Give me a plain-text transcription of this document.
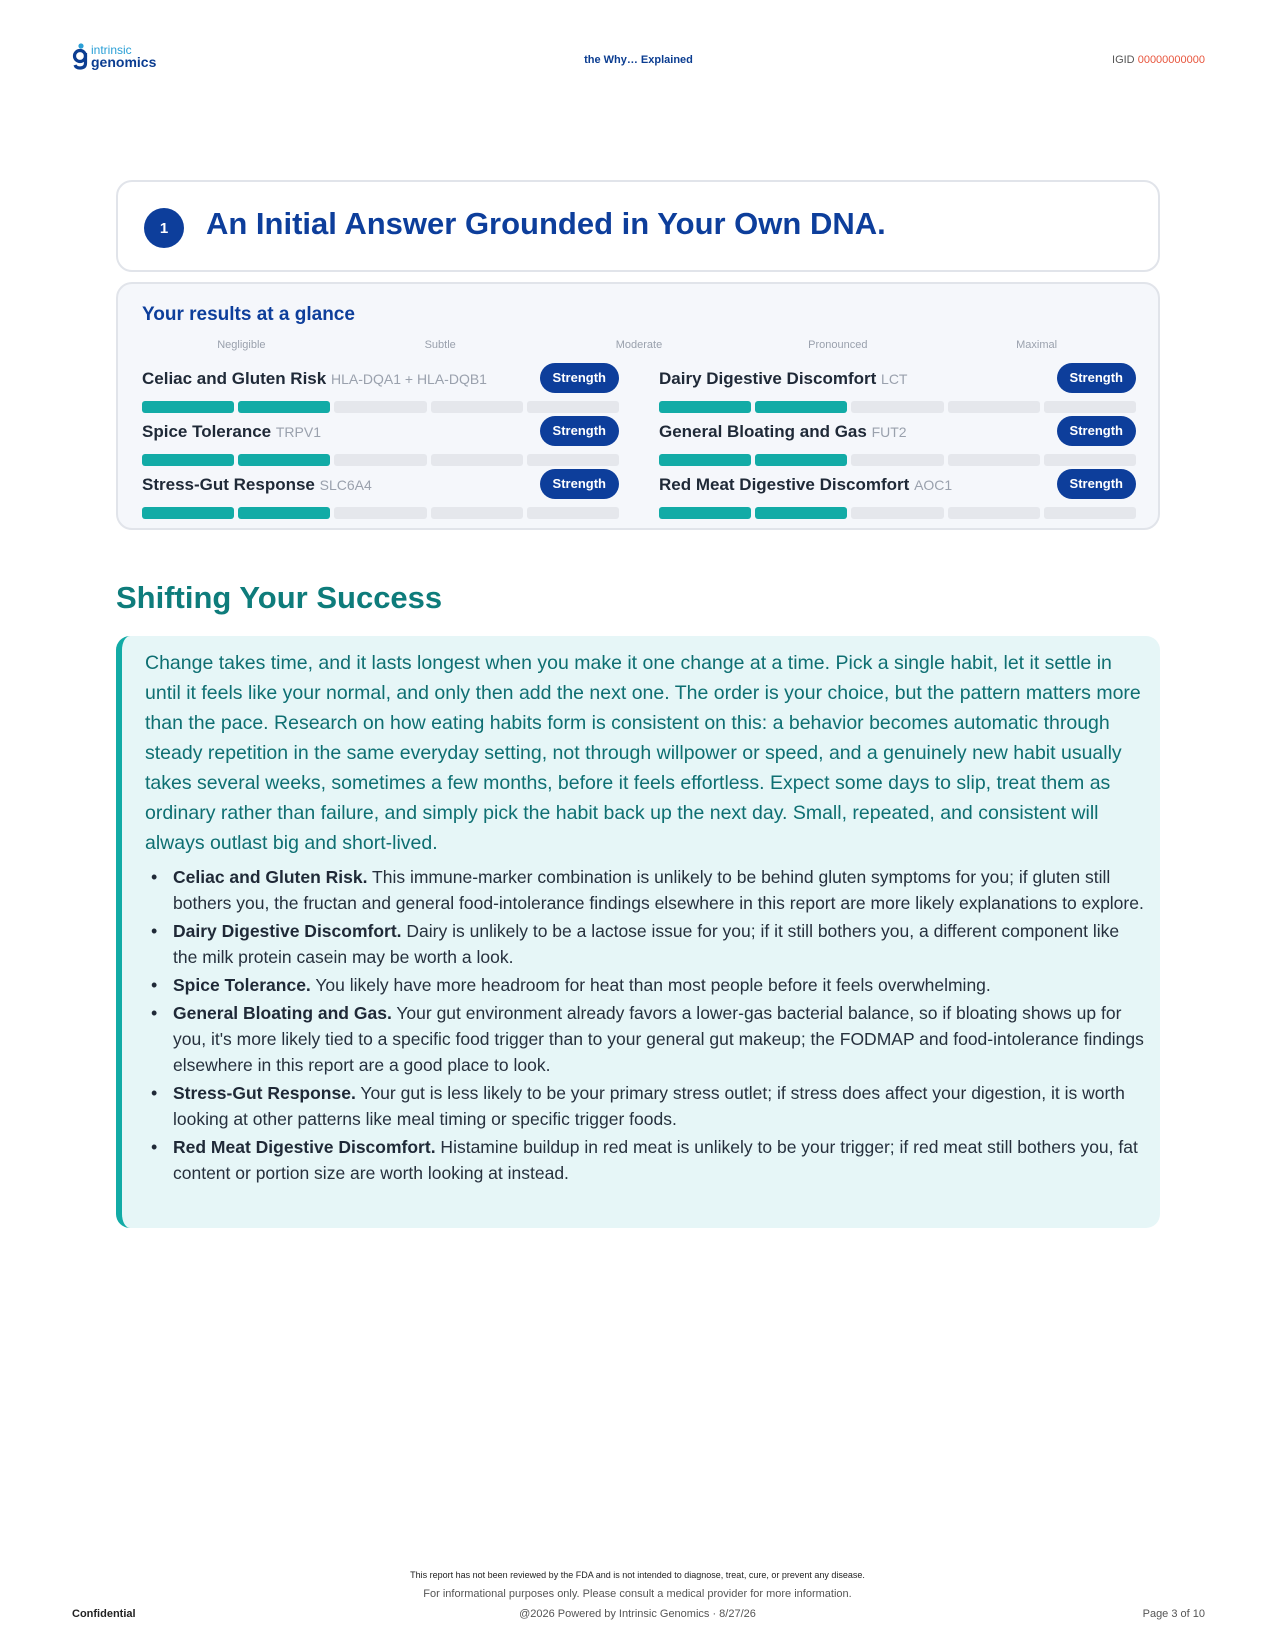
intrinsic
genomics	the Why… Explained	IGID 00000000000
1	An Initial Answer Grounded in Your Own DNA.
Your results at a glance
Negligible	Subtle	Moderate	Pronounced	Maximal
Celiac and Gluten Risk HLA-DQA1 + HLA-DQB1	Strength	Dairy Digestive Discomfort LCT	Strength
Spice Tolerance TRPV1	Strength	General Bloating and Gas FUT2	Strength
Stress-Gut Response SLC6A4	Strength	Red Meat Digestive Discomfort AOC1	Strength
Shifting Your Success

Change takes time, and it lasts longest when you make it one change at a time. Pick a single habit, let it settle in until it feels like your normal, and only then add the next one. The order is your choice, but the pattern matters more than the pace. Research on how eating habits form is consistent on this: a behavior becomes automatic through steady repetition in the same everyday setting, not through willpower or speed, and a genuinely new habit usually takes several weeks, sometimes a few months, before it feels effortless. Expect some days to slip, treat them as ordinary rather than failure, and simply pick the habit back up the next day. Small, repeated, and consistent will always outlast big and short-lived.

• Celiac and Gluten Risk. This immune-marker combination is unlikely to be behind gluten symptoms for you; if gluten still bothers you, the fructan and general food-intolerance findings elsewhere in this report are more likely explanations to explore.
• Dairy Digestive Discomfort. Dairy is unlikely to be a lactose issue for you; if it still bothers you, a different component like the milk protein casein may be worth a look.
• Spice Tolerance. You likely have more headroom for heat than most people before it feels overwhelming.
• General Bloating and Gas. Your gut environment already favors a lower-gas bacterial balance, so if bloating shows up for you, it's more likely tied to a specific food trigger than to your general gut makeup; the FODMAP and food-intolerance findings elsewhere in this report are a good place to look.
• Stress-Gut Response. Your gut is less likely to be your primary stress outlet; if stress does affect your digestion, it is worth looking at other patterns like meal timing or specific trigger foods.
• Red Meat Digestive Discomfort. Histamine buildup in red meat is unlikely to be your trigger; if red meat still bothers you, fat content or portion size are worth looking at instead.
This report has not been reviewed by the FDA and is not intended to diagnose, treat, cure, or prevent any disease.
For informational purposes only. Please consult a medical provider for more information.
@2026 Powered by Intrinsic Genomics · 8/27/26
Confidential	Page 3 of 10
